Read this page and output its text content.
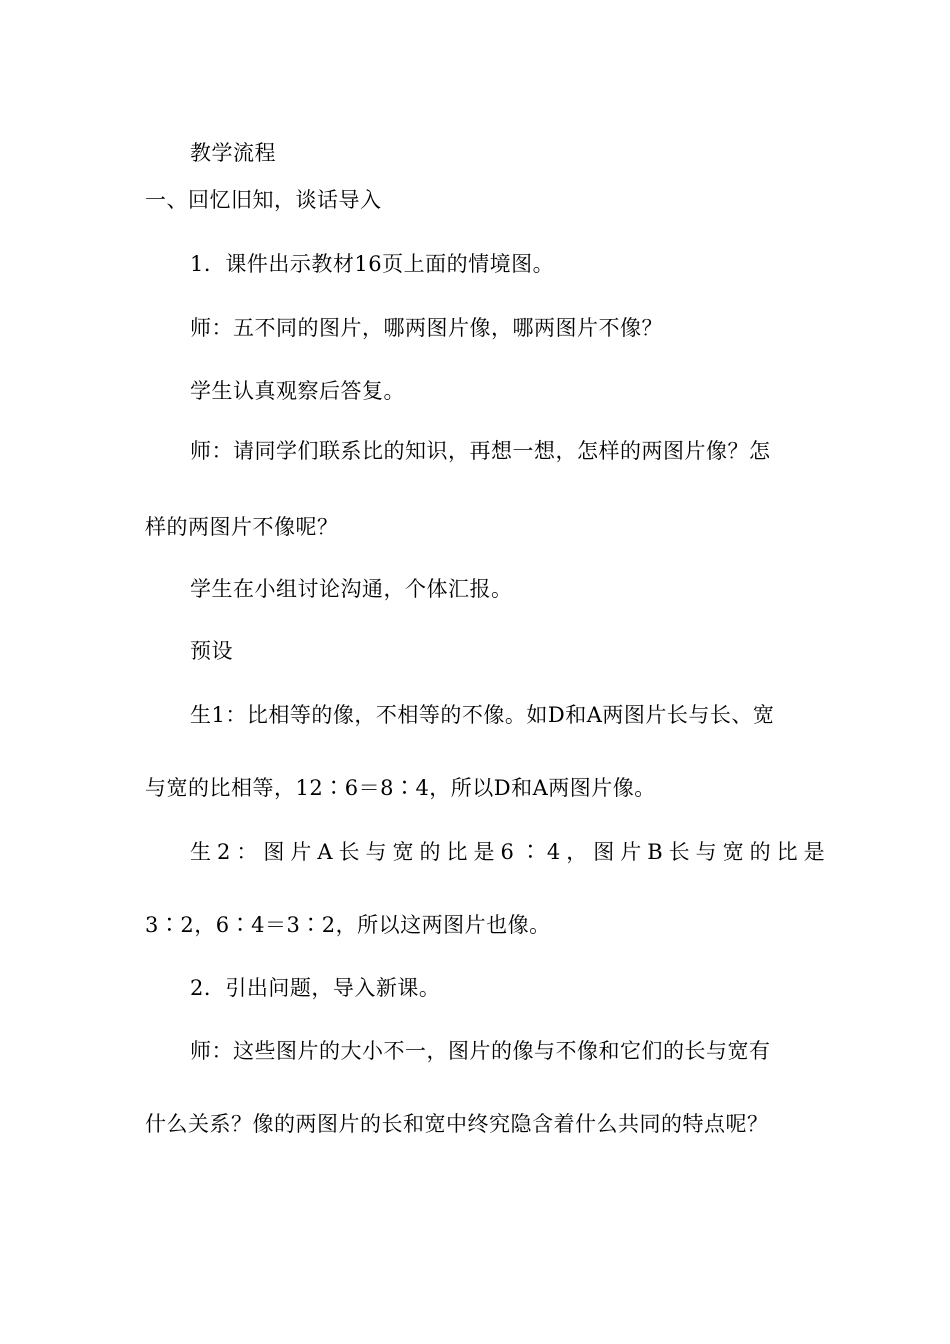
教学流程
一、回忆旧知，谈话导入
1．课件出示教材16页上面的情境图。
师：五不同的图片，哪两图片像，哪两图片不像？
学生认真观察后答复。
师：请同学们联系比的知识，再想一想，怎样的两图片像？怎
样的两图片不像呢？
学生在小组讨论沟通，个体汇报。
预设
生1：比相等的像，不相等的不像。如D和A两图片长与长、宽
与宽的比相等，12∶6＝8∶4，所以D和A两图片像。
生2：图片A长与宽的比是6∶4，图片B长与宽的比是
3∶2，6∶4＝3∶2，所以这两图片也像。
2．引出问题，导入新课。
师：这些图片的大小不一，图片的像与不像和它们的长与宽有
什么关系？像的两图片的长和宽中终究隐含着什么共同的特点呢？
